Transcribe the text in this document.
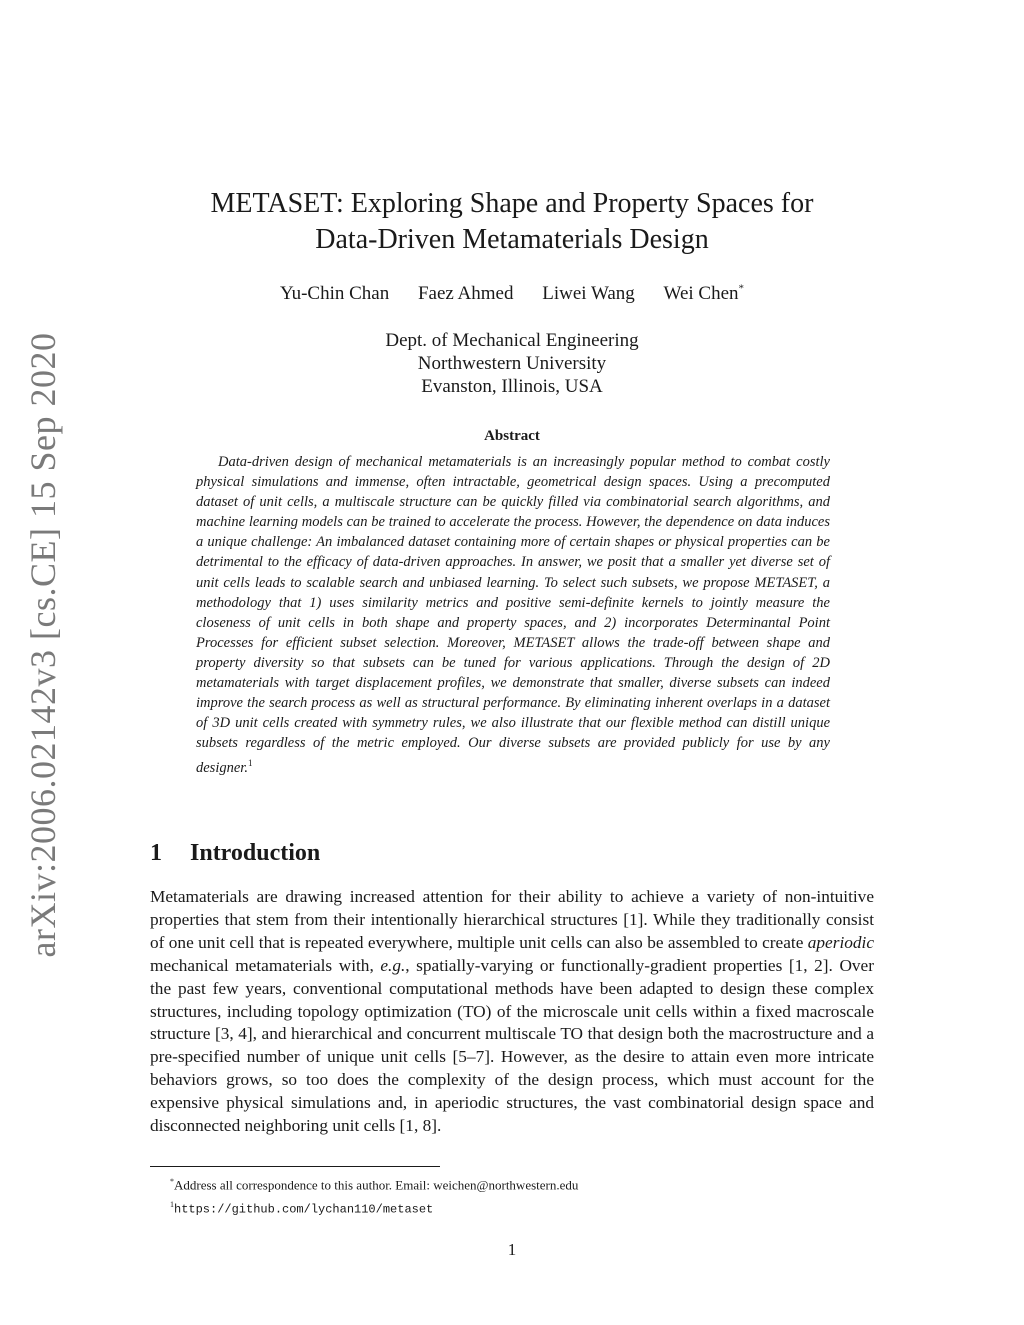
arXiv:2006.02142v3 [cs.CE] 15 Sep 2020
METASET: Exploring Shape and Property Spaces for
Data-Driven Metamaterials Design
Yu-Chin Chan Faez Ahmed Liwei Wang Wei Chen*
Dept. of Mechanical Engineering
Northwestern University
Evanston, Illinois, USA
Abstract

Data-driven design of mechanical metamaterials is an increasingly popular method to combat costly physical simulations and immense, often intractable, geometrical design spaces. Using a precomputed dataset of unit cells, a multiscale structure can be quickly filled via combinatorial search algorithms, and machine learning models can be trained to accelerate the process. However, the dependence on data induces a unique challenge: An imbalanced dataset containing more of certain shapes or physical properties can be detrimental to the efficacy of data-driven approaches. In answer, we posit that a smaller yet diverse set of unit cells leads to scalable search and unbiased learning. To select such subsets, we propose METASET, a methodology that 1) uses similarity metrics and positive semi-definite kernels to jointly measure the closeness of unit cells in both shape and property spaces, and 2) incorporates Determinantal Point Processes for efficient subset selection. Moreover, METASET allows the trade-off between shape and property diversity so that subsets can be tuned for various applications. Through the design of 2D metamaterials with target displacement profiles, we demonstrate that smaller, diverse subsets can indeed improve the search process as well as structural performance. By eliminating inherent overlaps in a dataset of 3D unit cells created with symmetry rules, we also illustrate that our flexible method can distill unique subsets regardless of the metric employed. Our diverse subsets are provided publicly for use by any designer.$^1$

1 Introduction

Metamaterials are drawing increased attention for their ability to achieve a variety of non-intuitive properties that stem from their intentionally hierarchical structures [1]. While they traditionally consist of one unit cell that is repeated everywhere, multiple unit cells can also be assembled to create aperiodic mechanical metamaterials with, e.g., spatially-varying or functionally-gradient properties [1, 2]. Over the past few years, conventional computational methods have been adapted to design these complex structures, including topology optimization (TO) of the microscale unit cells within a fixed macroscale structure [3, 4], and hierarchical and concurrent multiscale TO that design both the macrostructure and a pre-specified number of unique unit cells [5–7]. However, as the desire to attain even more intricate behaviors grows, so too does the complexity of the design process, which must account for the expensive physical simulations and, in aperiodic structures, the vast combinatorial design space and disconnected neighboring unit cells [1, 8].

*Address all correspondence to this author. Email: weichen@northwestern.edu
$^1$https://github.com/lychan110/metaset
1
